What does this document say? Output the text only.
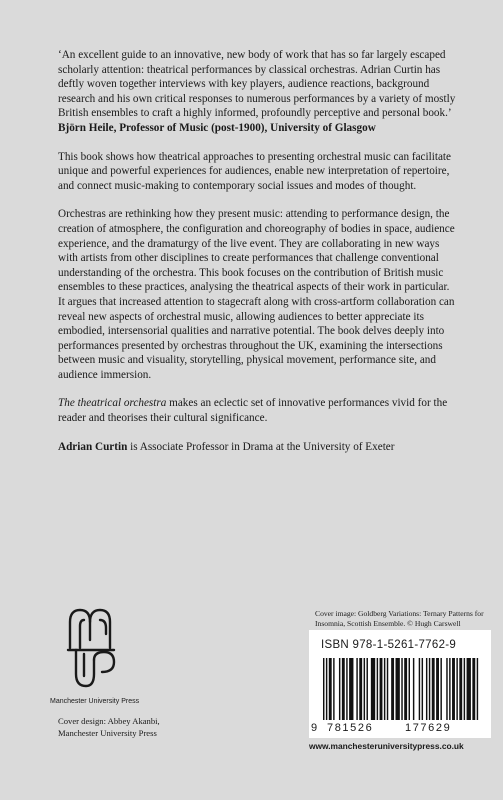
‘An excellent guide to an innovative, new body of work that has so far largely escaped scholarly attention: theatrical performances by classical orchestras. Adrian Curtin has deftly woven together interviews with key players, audience reactions, background research and his own critical responses to numerous performances by a variety of mostly British ensembles to craft a highly informed, profoundly perceptive and personal book.’

Björn Heile, Professor of Music (post-1900), University of Glasgow

This book shows how theatrical approaches to presenting orchestral music can facilitate unique and powerful experiences for audiences, enable new interpretation of repertoire, and connect music-making to contemporary social issues and modes of thought.

Orchestras are rethinking how they present music: attending to performance design, the creation of atmosphere, the configuration and choreography of bodies in space, audience experience, and the dramaturgy of the live event. They are collaborating in new ways with artists from other disciplines to create performances that challenge conventional understanding of the orchestra. This book focuses on the contribution of British music ensembles to these practices, analysing the theatrical aspects of their work in particular. It argues that increased attention to stagecraft along with cross-artform collaboration can reveal new aspects of orchestral music, allowing audiences to better appreciate its embodied, intersensorial qualities and narrative potential. The book delves deeply into performances presented by orchestras throughout the UK, examining the intersections between music and visuality, storytelling, physical movement, performance site, and audience immersion.

The theatrical orchestra makes an eclectic set of innovative performances vivid for the reader and theorises their cultural significance.

Adrian Curtin is Associate Professor in Drama at the University of Exeter

Manchester University Press
Cover design: Abbey Akanbi,
Manchester University Press
Cover image: Goldberg Variations: Ternary Patterns for Insomnia, Scottish Ensemble. © Hugh Carswell
ISBN 978-1-5261-7762-9
9 781526	177629
www.manchesteruniversitypress.co.uk
